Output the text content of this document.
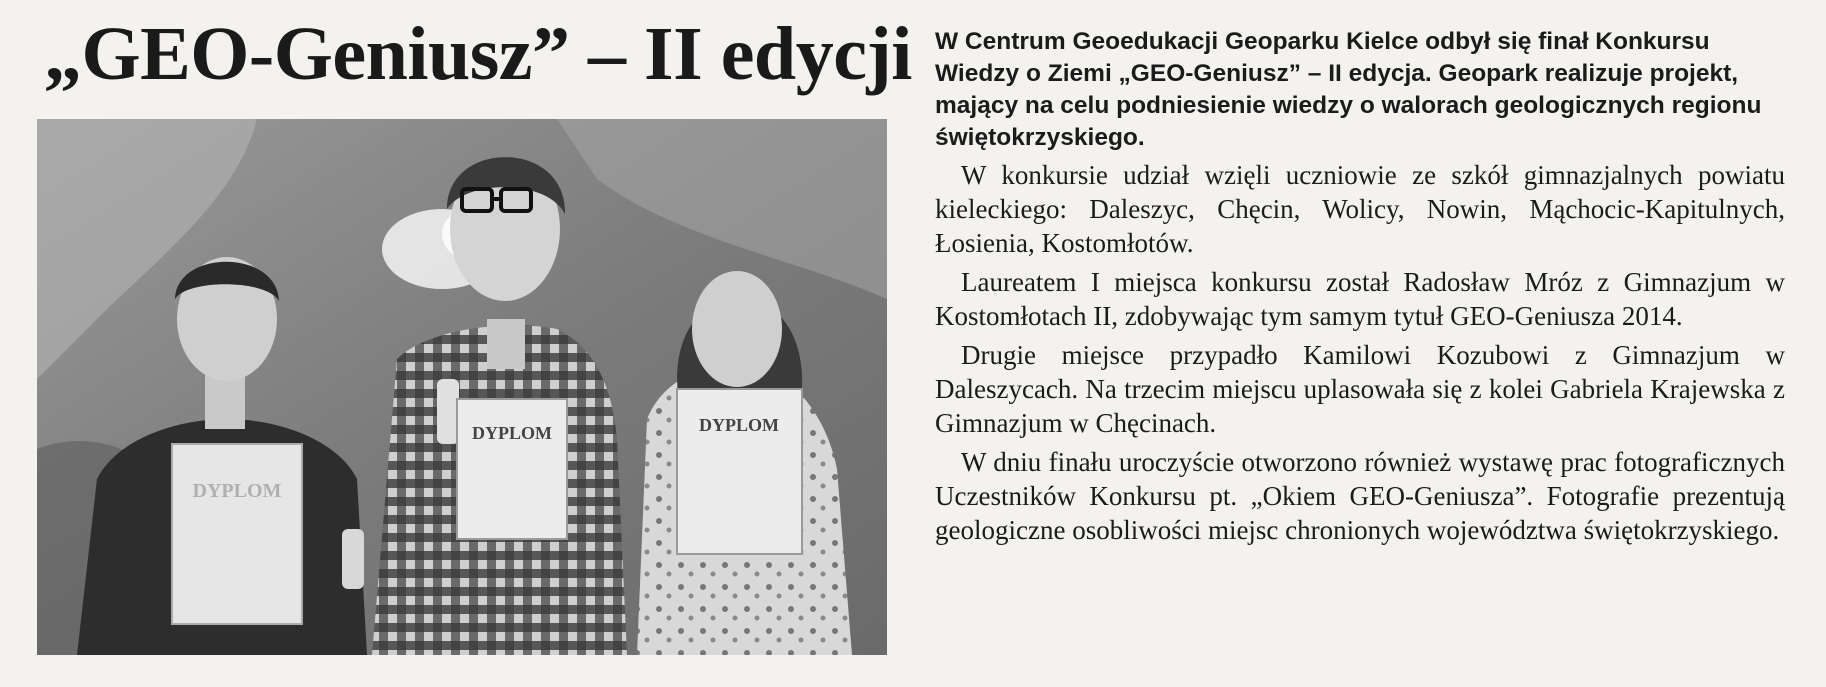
„GEO-Geniusz” – II edycji
DYPLOM
DYPLOM	DYPLOM

W Centrum Geoedukacji Geoparku Kielce odbył się finał Konkursu Wiedzy o Ziemi „GEO-Geniusz” – II edycja. Geopark realizuje projekt, mający na celu podniesienie wiedzy o walorach geologicznych regionu świętokrzyskiego.

W konkursie udział wzięli uczniowie ze szkół gimnazjalnych powiatu kieleckiego: Daleszyc, Chęcin, Wolicy, Nowin, Mąchocic-Kapitulnych, Łosienia, Kostomłotów.

Laureatem I miejsca konkursu został Radosław Mróz z Gimnazjum w Kostomłotach II, zdobywając tym samym tytuł GEO-Geniusza 2014.

Drugie miejsce przypadło Kamilowi Kozubowi z Gimnazjum w Daleszycach. Na trzecim miejscu uplasowała się z kolei Gabriela Krajewska z Gimnazjum w Chęcinach.

W dniu finału uroczyście otworzono również wystawę prac fotograficznych Uczestników Konkursu pt. „Okiem GEO-Geniusza”. Fotografie prezentują geologiczne osobliwości miejsc chronionych województwa świętokrzyskiego.
